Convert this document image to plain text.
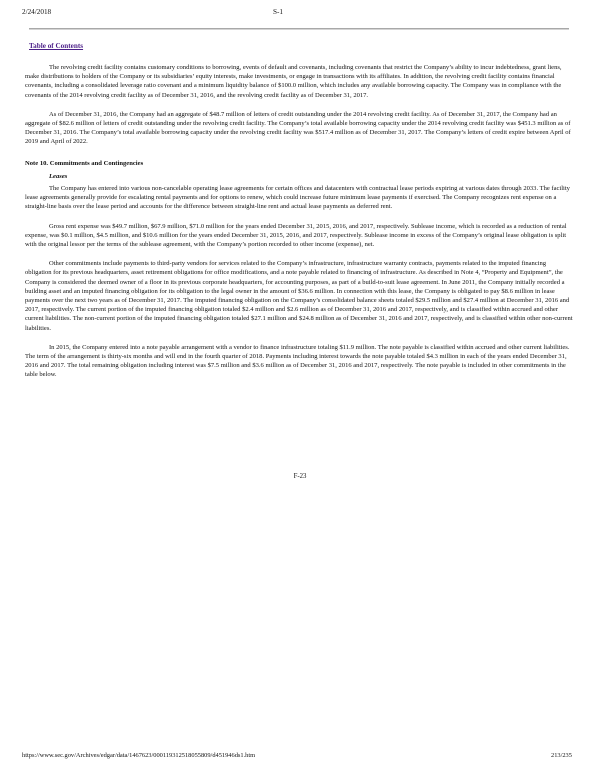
2/24/2018	S-1
Table of Contents

The revolving credit facility contains customary conditions to borrowing, events of default and covenants, including covenants that restrict the Company’s ability to incur indebtedness, grant liens, make distributions to holders of the Company or its subsidiaries’ equity interests, make investments, or engage in transactions with its affiliates. In addition, the revolving credit facility contains financial covenants, including a consolidated leverage ratio covenant and a minimum liquidity balance of $100.0 million, which includes any available borrowing capacity. The Company was in compliance with the covenants of the 2014 revolving credit facility as of December 31, 2016, and the revolving credit facility as of December 31, 2017.

As of December 31, 2016, the Company had an aggregate of $48.7 million of letters of credit outstanding under the 2014 revolving credit facility. As of December 31, 2017, the Company had an aggregate of $82.6 million of letters of credit outstanding under the revolving credit facility. The Company’s total available borrowing capacity under the 2014 revolving credit facility was $451.3 million as of December 31, 2016. The Company’s total available borrowing capacity under the revolving credit facility was $517.4 million as of December 31, 2017. The Company’s letters of credit expire between April of 2019 and April of 2022.

Note 10. Commitments and Contingencies
Leases

The Company has entered into various non-cancelable operating lease agreements for certain offices and datacenters with contractual lease periods expiring at various dates through 2033. The facility lease agreements generally provide for escalating rental payments and for options to renew, which could increase future minimum lease payments if exercised. The Company recognizes rent expense on a straight-line basis over the lease period and accounts for the difference between straight-line rent and actual lease payments as deferred rent.

Gross rent expense was $49.7 million, $67.9 million, $71.0 million for the years ended December 31, 2015, 2016, and 2017, respectively. Sublease income, which is recorded as a reduction of rental expense, was $0.1 million, $4.5 million, and $10.6 million for the years ended December 31, 2015, 2016, and 2017, respectively. Sublease income in excess of the Company’s original lease obligation is split with the original lessor per the terms of the sublease agreement, with the Company’s portion recorded to other income (expense), net.

Other commitments include payments to third-party vendors for services related to the Company’s infrastructure, infrastructure warranty contracts, payments related to the imputed financing obligation for its previous headquarters, asset retirement obligations for office modifications, and a note payable related to financing of infrastructure. As described in Note 4, “Property and Equipment”, the Company is considered the deemed owner of a floor in its previous corporate headquarters, for accounting purposes, as part of a build-to-suit lease agreement. In June 2011, the Company initially recorded a building asset and an imputed financing obligation for its obligation to the legal owner in the amount of $36.6 million. In connection with this lease, the Company is obligated to pay $8.6 million in lease payments over the next two years as of December 31, 2017. The imputed financing obligation on the Company’s consolidated balance sheets totaled $29.5 million and $27.4 million at December 31, 2016 and 2017, respectively. The current portion of the imputed financing obligation totaled $2.4 million and $2.6 million as of December 31, 2016 and 2017, respectively, and is classified within accrued and other current liabilities. The non-current portion of the imputed financing obligation totaled $27.1 million and $24.8 million as of December 31, 2016 and 2017, respectively, and is classified within other non-current liabilities.

In 2015, the Company entered into a note payable arrangement with a vendor to finance infrastructure totaling $11.9 million. The note payable is classified within accrued and other current liabilities. The term of the arrangement is thirty-six months and will end in the fourth quarter of 2018. Payments including interest towards the note payable totaled $4.3 million in each of the years ended December 31, 2016 and 2017. The total remaining obligation including interest was $7.5 million and $3.6 million as of December 31, 2016 and 2017, respectively. The note payable is included in other commitments in the table below.

F-23
https://www.sec.gov/Archives/edgar/data/1467623/000119312518055809/d451946ds1.htm	213/235
